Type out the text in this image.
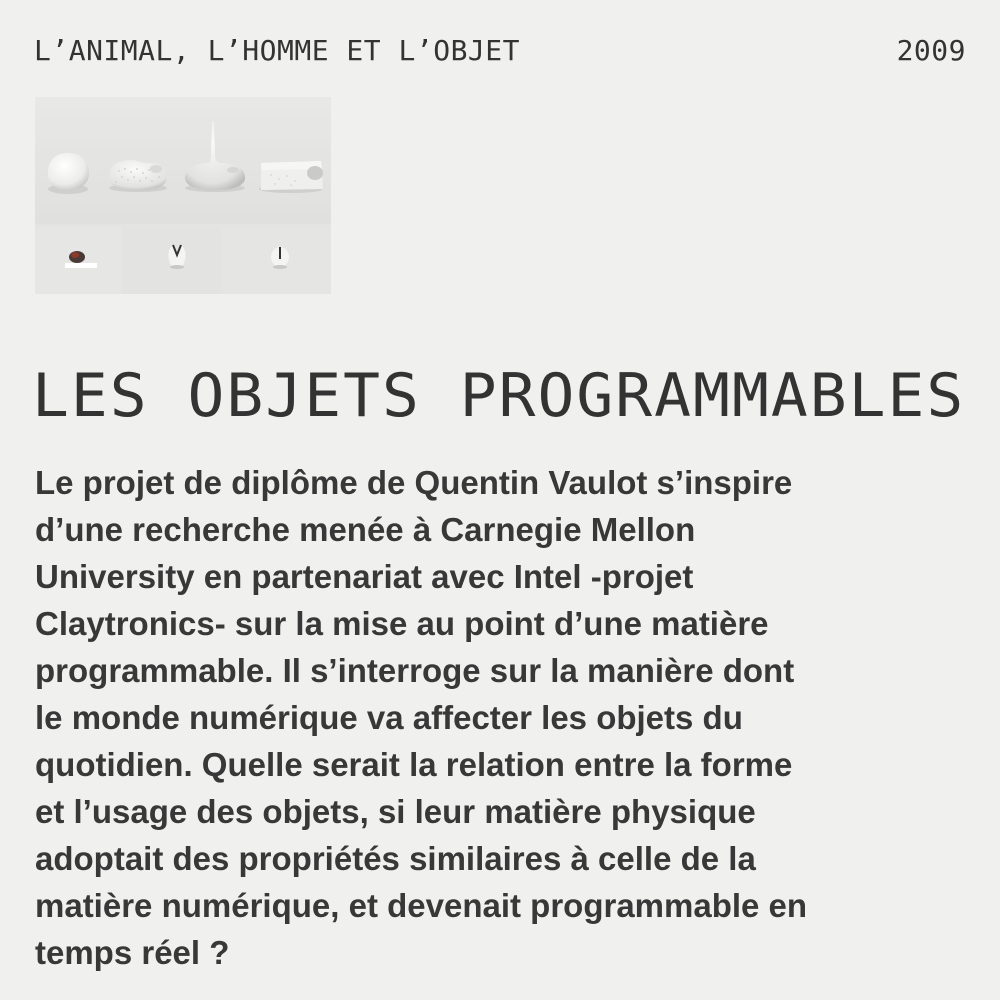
L’ANIMAL, L’HOMME ET L’OBJET	2009
LES OBJETS PROGRAMMABLES

Le projet de diplôme de Quentin Vaulot s’inspire
d’une recherche menée à Carnegie Mellon
University en partenariat avec Intel -projet
Claytronics- sur la mise au point d’une matière
programmable. Il s’interroge sur la manière dont
le monde numérique va affecter les objets du
quotidien. Quelle serait la relation entre la forme
et l’usage des objets, si leur matière physique
adoptait des propriétés similaires à celle de la
matière numérique, et devenait programmable en
temps réel ?
